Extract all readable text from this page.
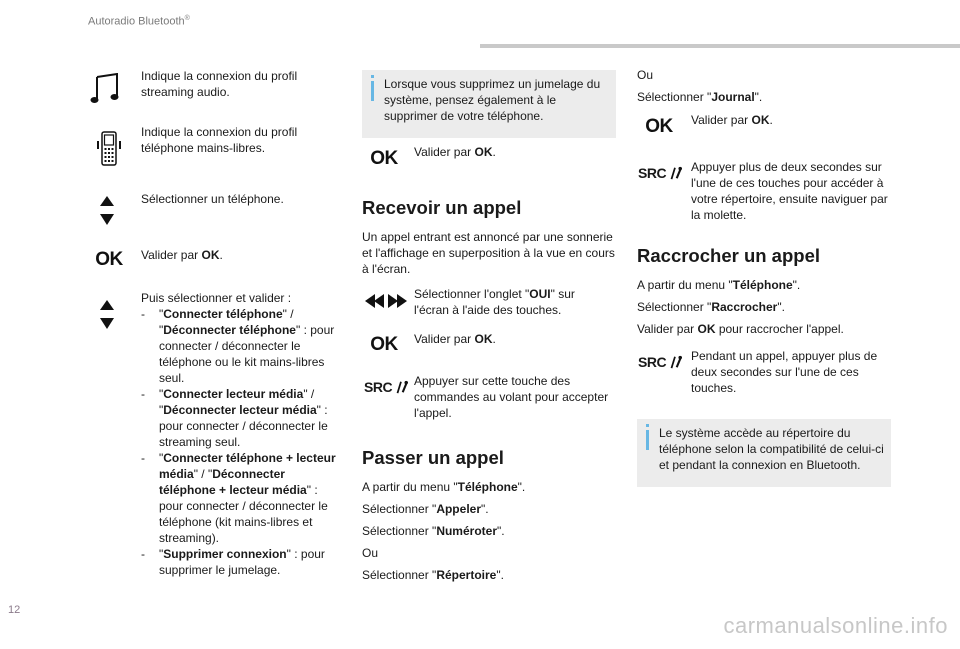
Autoradio Bluetooth®
Indique la connexion du profil streaming audio.
Indique la connexion du profil téléphone mains-libres.
Sélectionner un téléphone.
OK	Valider par OK.
Puis sélectionner et valider :
-	"Connecter téléphone" / "Déconnecter téléphone" : pour connecter / déconnecter le téléphone ou le kit mains-libres seul.
-	"Connecter lecteur média" / "Déconnecter lecteur média" : pour connecter / déconnecter le streaming seul.
-	"Connecter téléphone + lecteur média" / "Déconnecter téléphone + lecteur média" : pour connecter / déconnecter le téléphone (kit mains-libres et streaming).
-	"Supprimer connexion" : pour supprimer le jumelage.
Lorsque vous supprimez un jumelage du système, pensez également à le supprimer de votre téléphone.
OK	Valider par OK.
Recevoir un appel
Un appel entrant est annoncé par une sonnerie et l'affichage en superposition à la vue en cours à l'écran.
Sélectionner l'onglet "OUI" sur l'écran à l'aide des touches.
OK	Valider par OK.
SRC Appuyer sur cette touche des commandes au volant pour accepter l'appel.
Passer un appel
A partir du menu "Téléphone".
Sélectionner "Appeler".
Sélectionner "Numéroter".
Ou
Sélectionner "Répertoire".
Ou
Sélectionner "Journal".
OK	Valider par OK.
SRC Appuyer plus de deux secondes sur l'une de ces touches pour accéder à votre répertoire, ensuite naviguer par la molette.
Raccrocher un appel
A partir du menu "Téléphone".
Sélectionner "Raccrocher".
Valider par OK pour raccrocher l'appel.
SRC Pendant un appel, appuyer plus de deux secondes sur l'une de ces touches.
Le système accède au répertoire du téléphone selon la compatibilité de celui-ci et pendant la connexion en Bluetooth.
12
carmanualsonline.info
